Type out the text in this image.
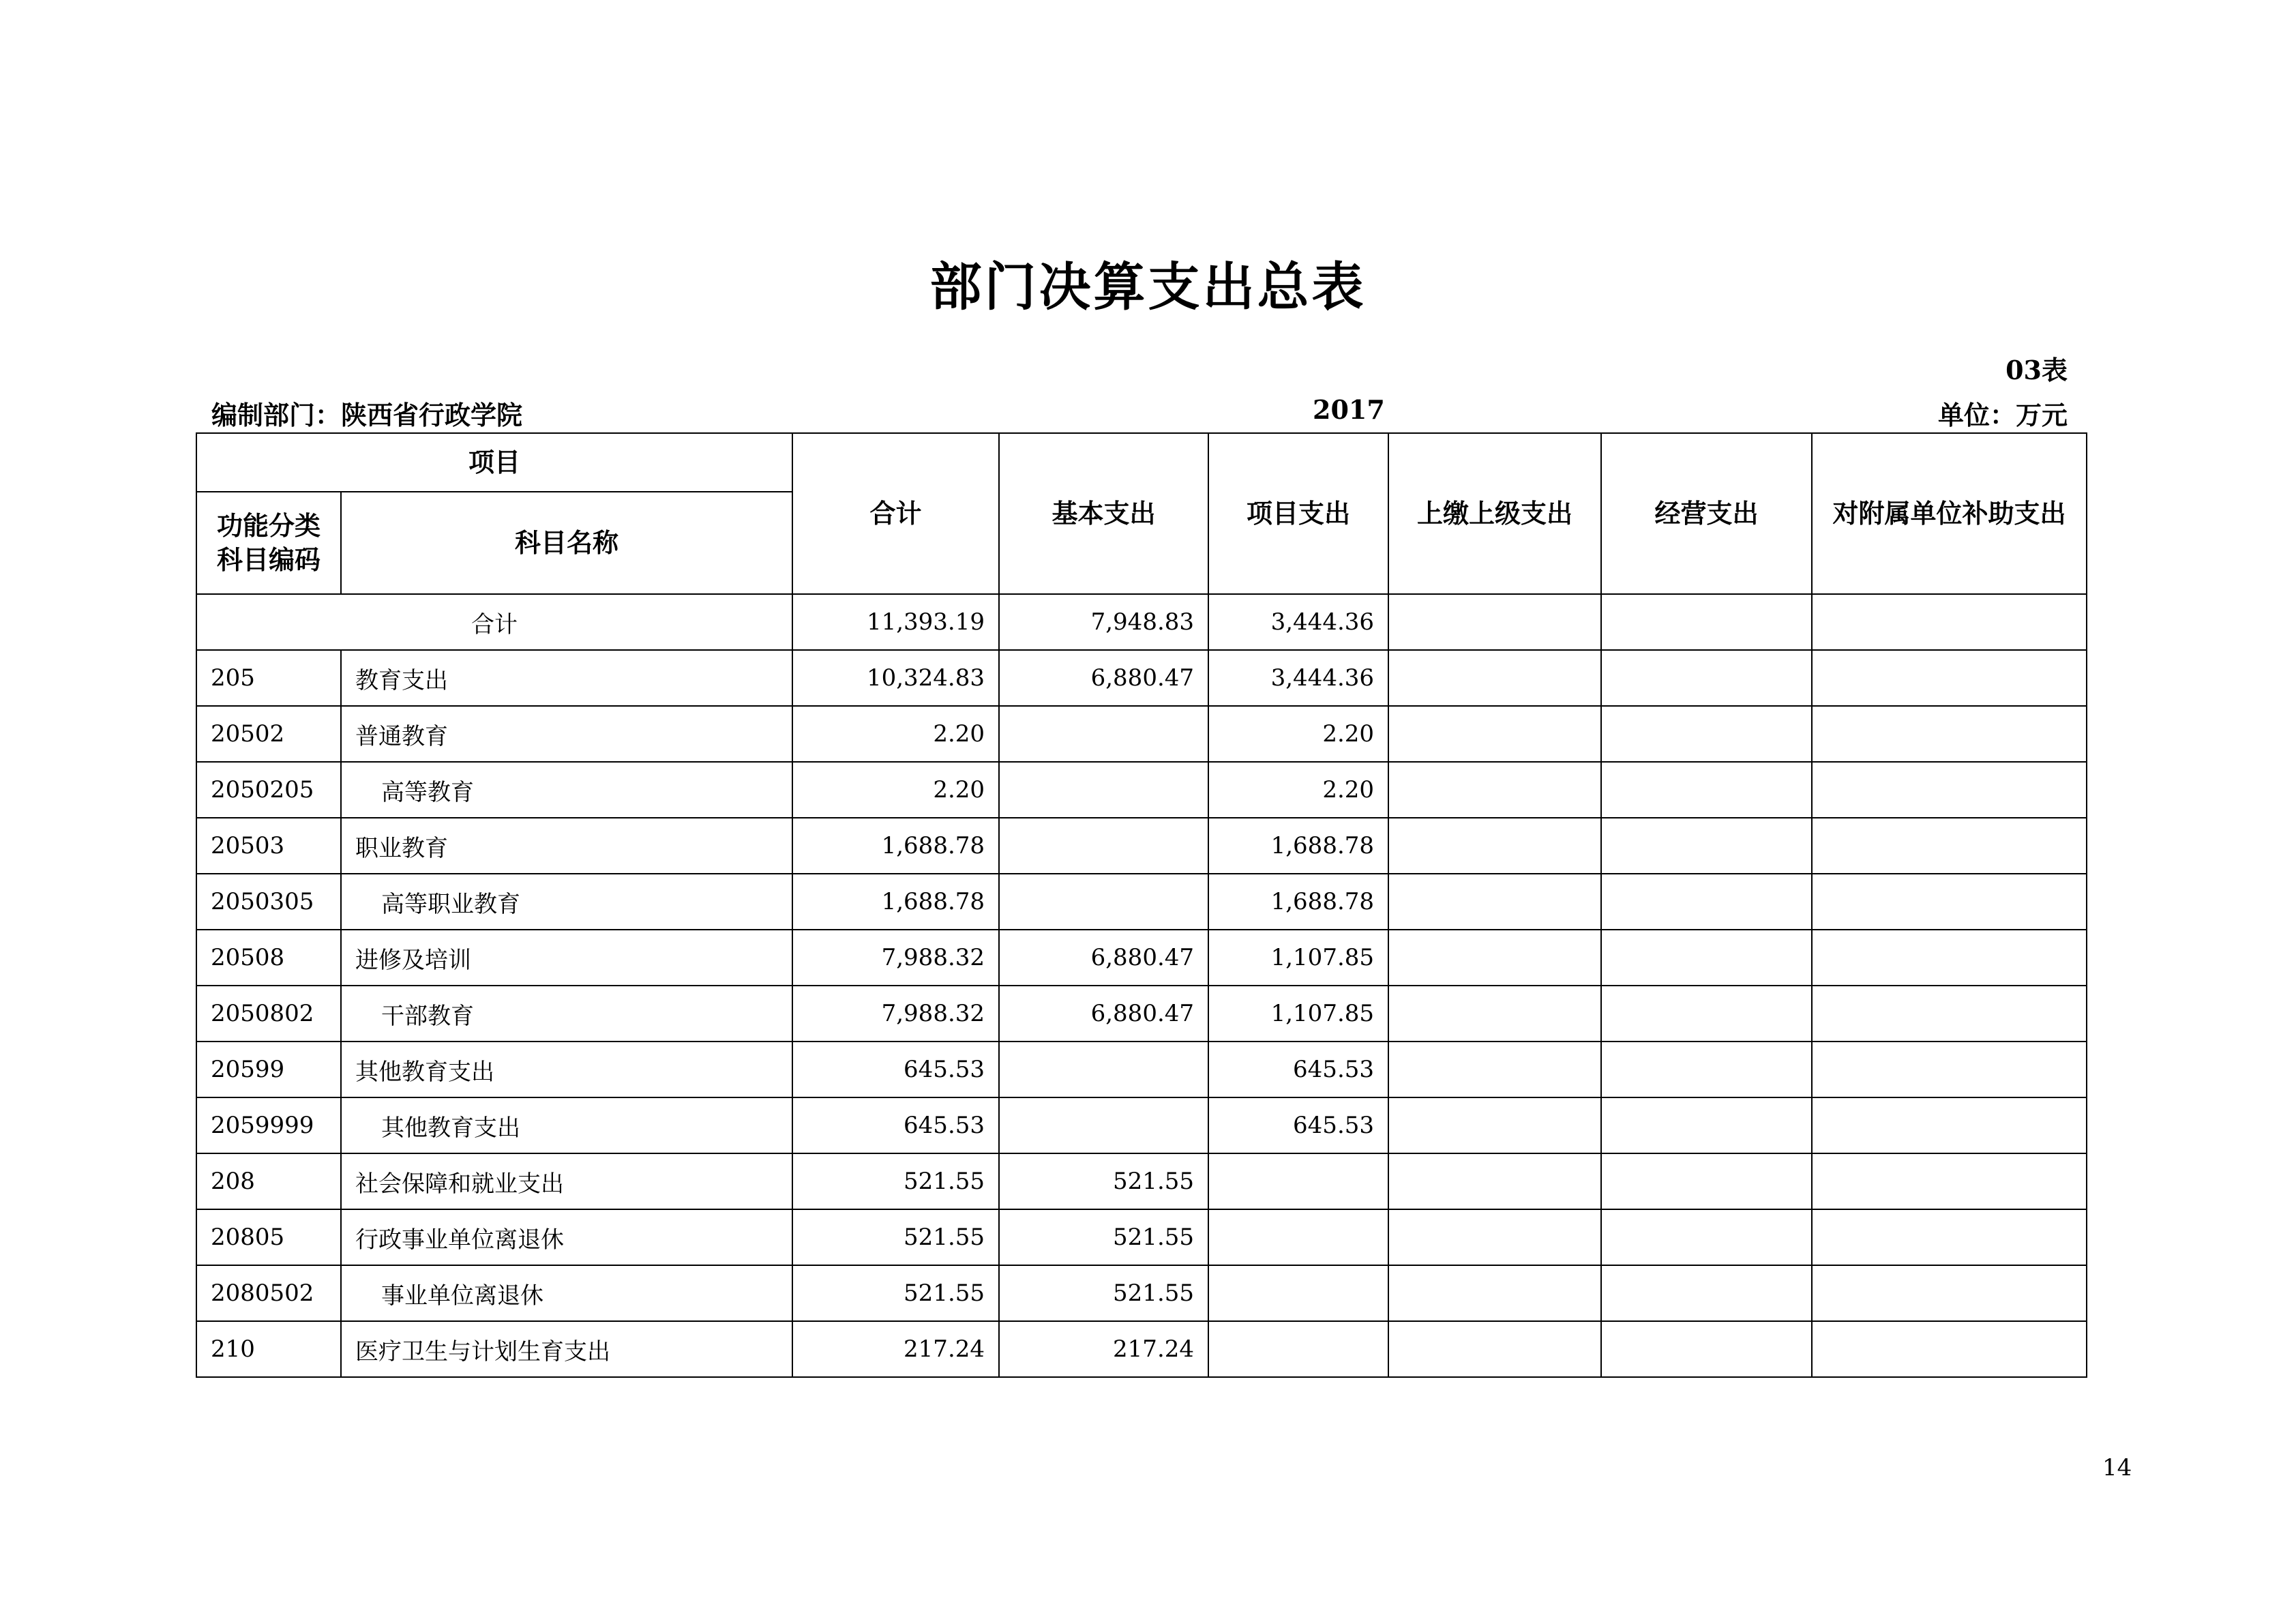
部门决算支出总表
03表
编制部门：陕西省行政学院	2017	单位：万元
项目		合计	基本支出	项目支出	上缴上级支出	经营支出	对附属单位补助支出
功能分类
科目编码	科目名称						
合计		11,393.19	7,948.83	3,444.36			
205	教育支出	10,324.83	6,880.47	3,444.36			
20502	普通教育	2.20		2.20			
2050205	高等教育	2.20		2.20			
20503	职业教育	1,688.78		1,688.78			
2050305	高等职业教育	1,688.78		1,688.78			
20508	进修及培训	7,988.32	6,880.47	1,107.85			
2050802	干部教育	7,988.32	6,880.47	1,107.85			
20599	其他教育支出	645.53		645.53			
2059999	其他教育支出	645.53		645.53			
208	社会保障和就业支出	521.55	521.55				
20805	行政事业单位离退休	521.55	521.55				
2080502	事业单位离退休	521.55	521.55				
210	医疗卫生与计划生育支出	217.24	217.24				
14
